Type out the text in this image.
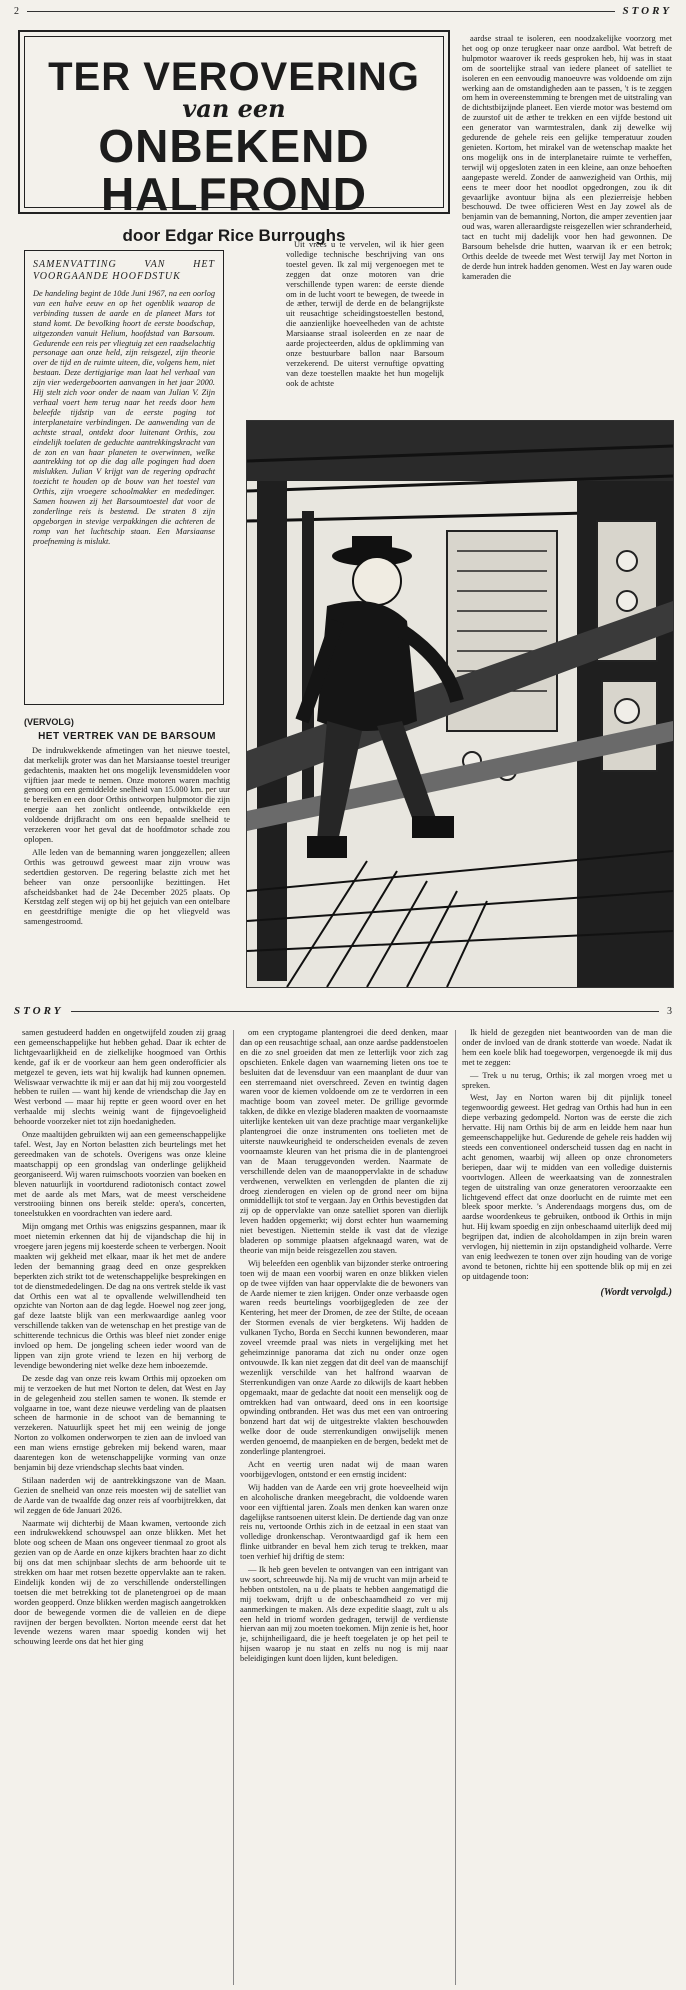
2	STORY
TER VEROVERING
van een
ONBEKEND HALFROND
door Edgar Rice Burroughs

Uit vrees u te vervelen, wil ik hier geen volledige technische beschrijving van ons toestel geven. Ik zal mij vergenoegen met te zeggen dat onze motoren van drie verschillende typen waren: de eerste diende om in de lucht voort te bewegen, de tweede in de æther, terwijl de derde en de belangrijkste uit reusachtige scheidingstoestellen bestond, die aanzienlijke hoeveelheden van de achtste Marsiaanse straal isoleerden en ze naar de aarde projecteerden, aldus de opklimming van onze bestuurbare ballon naar Barsoum verzekerend. De uiterst vernuftige opvatting van deze toestellen maakte het hun mogelijk ook de achtste

aardse straal te isoleren, een noodzakelijke voorzorg met het oog op onze terugkeer naar onze aardbol. Wat betreft de hulpmotor waarover ik reeds gesproken heb, hij was in staat om de soortelijke straal van iedere planeet of satelliet te isoleren en een eenvoudig manoeuvre was voldoende om zijn werking aan de omstandigheden aan te passen, 't is te zeggen om hem in overeenstemming te brengen met de uitstraling van de dichtstbijzijnde planeet. Een vierde motor was bestemd om de zuurstof uit de æther te trekken en een vijfde bestond uit een generator van warmtestralen, dank zij dewelke wij gedurende de gehele reis een gelijke temperatuur zouden genieten. Kortom, het mirakel van de wetenschap maakte het ons mogelijk ons in de interplanetaire ruimte te verheffen, terwijl wij opgesloten zaten in een kleine, aan onze behoeften aangepaste wereld. Zonder de aanwezigheid van Orthis, mij eens te meer door het noodlot opgedrongen, zou ik dit gevaarlijke avontuur bijna als een plezierreisje hebben beschouwd. De twee officieren West en Jay zowel als de benjamin van de bemanning, Norton, die amper zeventien jaar oud was, waren alleraardigste reisgezellen wier schranderheid, tact en tucht mij dadelijk voor hen had gewonnen. De Barsoum behelsde drie hutten, waarvan ik er een betrok; Orthis deelde de tweede met West terwijl Jay met Norton in de derde hun intrek hadden genomen. West en Jay waren oude kameraden die

SAMENVATTING VAN HET VOORGAANDE HOOFDSTUK
De handeling begint de 10de Juni 1967, na een oorlog van een halve eeuw en op het ogenblik waarop de verbinding tussen de aarde en de planeet Mars tot stand komt. De bevolking hoort de eerste boodschap, uitgezonden vanuit Helium, hoofdstad van Barsoum. Gedurende een reis per vliegtuig zet een raadselachtig personage aan onze held, zijn reisgezel, zijn theorie over de tijd en de ruimte uiteen, die, volgens hem, niet bestaan. Deze dertigjarige man laat hel verhaal van zijn vier wedergeboorten aanvangen in het jaar 2000. Hij stelt zich voor onder de naam van Julian V. Zijn verhaal voert hem terug naar het reeds door hem beleefde tijdstip van de eerste poging tot interplanetaire verbindingen. De aanwending van de achtste straal, ontdekt door luitenant Orthis, zou eindelijk toelaten de geduchte aantrekkingskracht van de zon en van haar planeten te overwinnen, welke aantrekking tot op die dag alle pogingen had doen mislukken. Julian V krijgt van de regering opdracht toezicht te houden op de bouw van het toestel van Orthis, zijn vroegere schoolmakker en mededinger. Samen houwen zij het Barsoumtoestel dat voor de zonderlinge reis is bestemd. De straten 8 zijn opgeborgen in stevige verpakkingen die achteren de romp van het luchtschip staan. Een Marsiaanse proefneming is mislukt.
(VERVOLG)
HET VERTREK VAN DE BARSOUM

De indrukwekkende afmetingen van het nieuwe toestel, dat merkelijk groter was dan het Marsiaanse toestel treuriger gedachtenis, maakten het ons mogelijk levensmiddelen voor vijftien jaar mede te nemen. Onze motoren waren machtig genoeg om een gemiddelde snelheid van 15.000 km. per uur te bereiken en een door Orthis ontworpen hulpmotor die zijn energie aan het zonlicht ontleende, ontwikkelde een voldoende drijfkracht om ons een bepaalde snelheid te verzekeren voor het geval dat de hoofdmotor schade zou oplopen.

Alle leden van de bemanning waren jonggezellen; alleen Orthis was getrouwd geweest maar zijn vrouw was sedertdien gestorven. De regering belastte zich met het beheer van onze persoonlijke bezittingen. Het afscheidsbanket had de 24e December 2025 plaats. Op Kerstdag zelf stegen wij op bij het gejuich van een ontelbare en geestdriftige menigte die op het vliegveld was samengestroomd.

STORY	3

samen gestudeerd hadden en ongetwijfeld zouden zij graag een gemeenschappelijke hut hebben gehad. Daar ik echter de lichtgevaarlijkheid en de zielkelijke hoogmoed van Orthis kende, gaf ik er de voorkeur aan hem geen onderofficier als metgezel te geven, iets wat hij kwalijk had kunnen opnemen. Weliswaar verwachtte ik mij er aan dat hij mij zou voorgesteld hebben te ruilen — want hij kende de vriendschap die Jay en West verbond — maar hij reptte er geen woord over en het verhaalde mij slechts weinig want de fijngevoeligheid behoorde voorzeker niet tot zijn hoedanigheden.

Onze maaltijden gebruikten wij aan een gemeenschappelijke tafel. West, Jay en Norton belastten zich beurtelings met het gereedmaken van de schotels. Overigens was onze kleine maatschappij op een grondslag van onderlinge gelijkheid georganiseerd. Wij waren ruimschoots voorzien van boeken en bleven natuurlijk in voortdurend radiotonisch contact zowel met de aarde als met Mars, wat de meest verscheidene verstrooiing binnen ons bereik stelde: opera's, concerten, toneelstukken en voordrachten van iedere aard.

Mijn omgang met Orthis was enigszins gespannen, maar ik moet nietemin erkennen dat hij de vijandschap die hij in vroegere jaren jegens mij koesterde scheen te verbergen. Nooit maakten wij gekheid met elkaar, maar ik het met de andere leden der bemanning graag deed en onze gesprekken beperkten zich strikt tot de wetenschappelijke besprekingen en tot de dienstmededelingen. De dag na ons vertrek stelde ik vast dat Orthis een wat al te opvallende welwillendheid ten opzichte van Norton aan de dag legde. Hoewel nog zeer jong, gaf deze laatste blijk van een merkwaardige aanleg voor verschillende takken van de wetenschap en het prestige van de schitterende technicus die Orthis was bleef niet zonder enige invloed op hem. De jongeling scheen ieder woord van de lippen van zijn grote vriend te lezen en hij verborg de levendige bewondering niet welke deze hem inboezemde.

De zesde dag van onze reis kwam Orthis mij opzoeken om mij te verzoeken de hut met Norton te delen, dat West en Jay in de gelegenheid zou stellen samen te wonen. Ik stemde er volgaarne in toe, want deze nieuwe verdeling van de plaatsen scheen de harmonie in de schoot van de bemanning te verzekeren. Natuurlijk speet het mij een weinig de jonge Norton zo volkomen onderworpen te zien aan de invloed van een man wiens ernstige gebreken mij bekend waren, maar daarentegen kon de wetenschappelijke vorming van onze benjamin bij deze vriendschap slechts baat vinden.

Stilaan naderden wij de aantrekkingszone van de Maan. Gezien de snelheid van onze reis moesten wij de satelliet van de Aarde van de twaalfde dag onzer reis af voorbijtrekken, dat wil zeggen de 6de Januari 2026.

Naarmate wij dichterbij de Maan kwamen, vertoonde zich een indrukwekkend schouwspel aan onze blikken. Met het blote oog scheen de Maan ons ongeveer tienmaal zo groot als gezien van op de Aarde en onze kijkers brachten haar zo dicht bij ons dat men schijnbaar slechts de arm behoorde uit te strekken om haar met rotsen bezette oppervlakte aan te raken. Eindelijk konden wij de zo verschillende onderstellingen toetsen die met betrekking tot de planetengroei op de maan worden geopperd. Onze blikken werden magisch aangetrokken door de bewegende vormen die de valleien en de diepe ravijnen der bergen bevolkten. Norton meende eerst dat het levende wezens waren maar spoedig konden wij het schouwing leerde ons dat het hier ging

om een cryptogame plantengroei die deed denken, maar dan op een reusachtige schaal, aan onze aardse paddenstoelen en die zo snel groeiden dat men ze letterlijk voor zich zag opschieten. Enkele dagen van waarneming lieten ons toe te besluiten dat de levensduur van een maanplant de duur van een sterremaand niet overschreed. Zeven en twintig dagen waren voor de kiemen voldoende om ze te verdorren in een machtige boom van zoveel meter. De grillige gevormde takken, de dikke en vlezige bladeren maakten de voornaamste uiterlijke kenteken uit van deze prachtige maar vergankelijke plantengroei die onze instrumenten ons toelieten met de uiterste nauwkeurigheid te onderscheiden evenals de zeven voornaamste kleuren van het prisma die in de plantengroei van de Maan teruggevonden werden. Naarmate de verschillende delen van de maanoppervlakte in de schaduw verdwenen, verwelkten en verlengden de planten die zij droeg zienderogen en vielen op de grond neer om bijna onmiddellijk tot stof te vergaan. Jay en Orthis bevestigden dat zij op de oppervlakte van onze satelliet sporen van dierlijk leven hadden opgemerkt; wij dorst echter hun waarneming niet bevestigen. Niettemin stelde ik vast dat de vlezige bladeren op sommige plaatsen afgeknaagd waren, wat de theorie van mijn beide reisgezellen zou staven.

Wij beleefden een ogenblik van bijzonder sterke ontroering toen wij de maan een voorbij waren en onze blikken vielen op de twee vijfden van haar oppervlakte die de bewoners van de Aarde niemer te zien krijgen. Onder onze verbaasde ogen waren reeds beurtelings voorbijgegleden de zee der Kentering, het meer der Dromen, de zee der Stilte, de oceaan der Stormen evenals de vier bergketens. Wij hadden de vulkanen Tycho, Borda en Secchi kunnen bewonderen, maar zoveel vreemde praal was niets in vergelijking met het geheimzinnige panorama dat zich nu onder onze ogen ontvouwde. Ik kan niet zeggen dat dit deel van de maanschijf wezenlijk verschilde van het halfrond waarvan de Sterrenkundigen van onze Aarde zo dikwijls de kaart hebben opgemaakt, maar de gedachte dat nooit een menselijk oog de omtrekken had van ontwaard, deed ons in een koortsige opwinding ontbranden. Het was dus met een van ontroering bonzend hart dat wij de uitgestrekte vlakten beschouwden welke door de oude sterrenkundigen onwijselijk menen werden genoemd, de maanpieken en de bergen, bedekt met de zonderlinge plantengroei.

Acht en veertig uren nadat wij de maan waren voorbijgevlogen, ontstond er een ernstig incident:

Wij hadden van de Aarde een vrij grote hoeveelheid wijn en alcoholische dranken meegebracht, die voldoende waren voor een vijftiental jaren. Zoals men denken kan waren onze dagelijkse rantsoenen uiterst klein. De dertiende dag van onze reis nu, vertoonde Orthis zich in de eetzaal in een staat van volledige dronkenschap. Verontwaardigd gaf ik hem een flinke uitbrander en beval hem zich terug te trekken, maar toen verhief hij driftig de stem:

— Ik heb geen bevelen te ontvangen van een intrigant van uw soort, schreeuwde hij. Na mij de vrucht van mijn arbeid te hebben ontstolen, na u de plaats te hebben aangematigd die mij toekwam, drijft u de onbeschaamdheid zo ver mij aanmerkingen te maken. Als deze expeditie slaagt, zult u als een held in triomf worden gedragen, terwijl de verdienste hiervan aan mij zou moeten toekomen. Mijn zenie is het, hoor je, schijnheiligaard, die je heeft toegelaten je op het peil te hijsen waarop je nu staat en zelfs nu nog is mij naar beleidigingen kunt doen lijden, kunt beledigen.

Ik hield de gezegden niet beantwoorden van de man die onder de invloed van de drank stotterde van woede. Nadat ik hem een koele blik had toegeworpen, vergenoegde ik mij dus met te zeggen:

— Trek u nu terug, Orthis; ik zal morgen vroeg met u spreken.

West, Jay en Norton waren bij dit pijnlijk toneel tegenwoordig geweest. Het gedrag van Orthis had hun in een diepe verbazing gedompeld. Norton was de eerste die zich hervatte. Hij nam Orthis bij de arm en leidde hem naar hun gemeenschappelijke hut. Gedurende de gehele reis hadden wij steeds een conventioneel onderscheid tussen dag en nacht in acht genomen, waarbij wij alleen op onze chronometers beriepen, daar wij te midden van een volledige duisternis voortvlogen. Alleen de weerkaatsing van de zonnestralen tegen de uitstraling van onze generatoren veroorzaakte een lichtgevend effect dat onze doorlucht en de ruimte met een bleek spoor merkte. 's Anderendaags morgens dus, om de aardse woordenkeus te gebruiken, ontbood ik Orthis in mijn hut. Hij kwam spoedig en zijn onbeschaamd uiterlijk deed mij begrijpen dat, indien de alcoholdampen in zijn brein waren vervlogen, hij niettemin in zijn opstandigheid volharde. Verre van enig leedwezen te tonen over zijn houding van de vorige avond te betonen, richtte hij een spottende blik op mij en zei op uitdagende toon:

(Wordt vervolgd.)
